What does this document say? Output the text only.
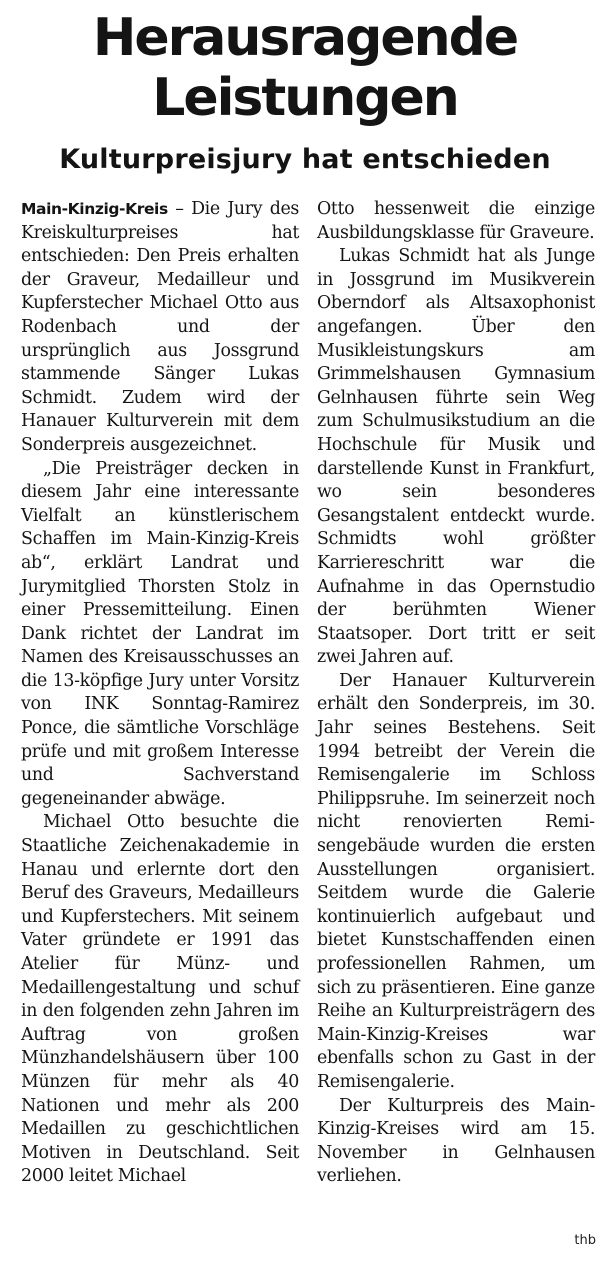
Herausragende
Leistungen
Kulturpreisjury hat entschieden

Main-Kinzig-Kreis – Die Jury des Kreiskulturpreises hat entschieden: Den Preis erhalten der Graveur, Medailleur und Kupferstecher Michael Otto aus Rodenbach und der ursprünglich aus Jossgrund stammende Sänger Lukas Schmidt. Zudem wird der Hanauer Kulturverein mit dem Sonderpreis ausgezeichnet.

„Die Preisträger decken in diesem Jahr eine interessante Vielfalt an künstlerischem Schaffen im Main-Kinzig-Kreis ab“, erklärt Landrat und Jurymitglied Thorsten Stolz in einer Pressemitteilung. Einen Dank richtet der Landrat im Namen des Kreisausschusses an die 13-köpfige Jury unter Vorsitz von INK Sonntag-Ramirez Ponce, die sämtliche Vorschläge prüfe und mit großem Interesse und Sachverstand gegeneinander abwäge.

Michael Otto besuchte die Staatliche Zeichenakademie in Hanau und erlernte dort den Beruf des Graveurs, Medailleurs und Kupferstechers. Mit seinem Vater gründete er 1991 das Atelier für Münz- und Medaillengestaltung und schuf in den folgenden zehn Jahren im Auftrag von großen Münzhandelshäusern über 100 Münzen für mehr als 40 Nationen und mehr als 200 Medaillen zu geschichtlichen Motiven in Deutschland. Seit 2000 leitet Michael

Otto hessenweit die einzige Ausbildungsklasse für Graveure.

Lukas Schmidt hat als Junge in Jossgrund im Musikverein Oberndorf als Altsaxophonist angefangen. Über den Musikleistungskurs am Grimmelshausen Gymnasium Gelnhausen führte sein Weg zum Schulmusikstudium an die Hochschule für Musik und darstellende Kunst in Frankfurt, wo sein besonderes Gesangstalent entdeckt wurde. Schmidts wohl größter Karriereschritt war die Aufnahme in das Opernstudio der berühmten Wiener Staatsoper. Dort tritt er seit zwei Jahren auf.

Der Hanauer Kulturverein erhält den Sonderpreis, im 30. Jahr seines Bestehens. Seit 1994 betreibt der Verein die Remisengalerie im Schloss Philippsruhe. Im seinerzeit noch nicht renovierten Remisengebäude wurden die ersten Ausstellungen organisiert. Seitdem wurde die Galerie kontinuierlich aufgebaut und bietet Kunstschaffenden einen professionellen Rahmen, um sich zu präsentieren. Eine ganze Reihe an Kulturpreisträgern des Main-Kinzig-Kreises war ebenfalls schon zu Gast in der Remisengalerie.

Der Kulturpreis des Main-Kinzig-Kreises wird am 15. November in Gelnhausen verliehen.

thb
